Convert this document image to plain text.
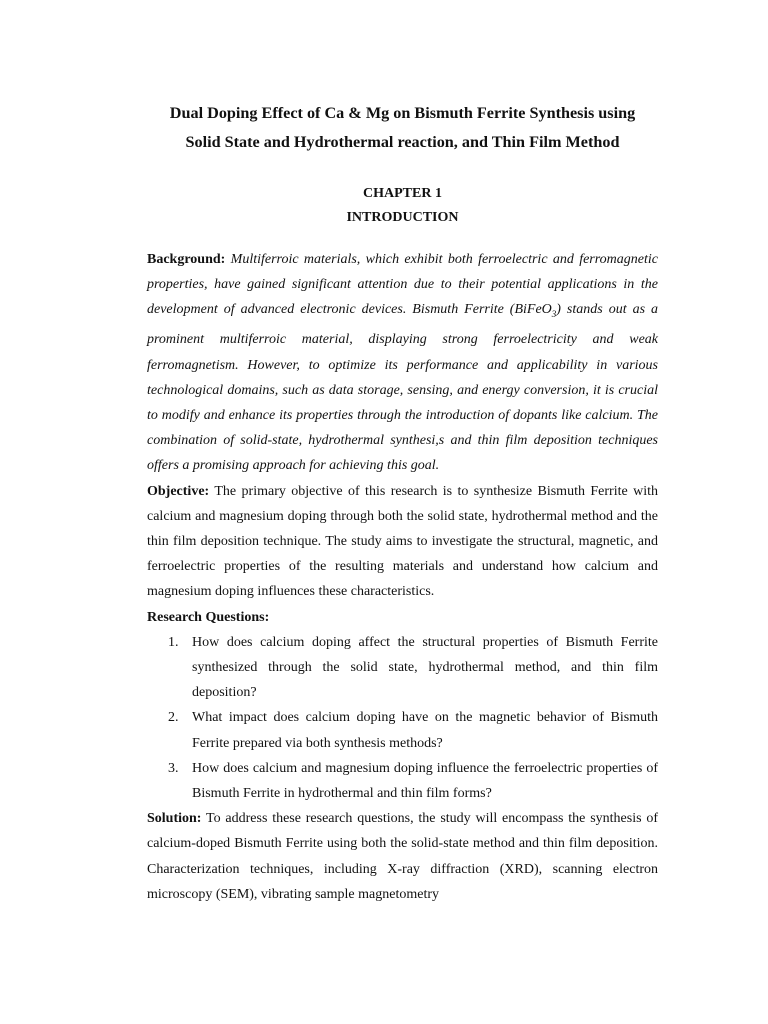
Dual Doping Effect of Ca & Mg on Bismuth Ferrite Synthesis using
Solid State and Hydrothermal reaction, and Thin Film Method

CHAPTER 1

INTRODUCTION

Background: Multiferroic materials, which exhibit both ferroelectric and ferromagnetic properties, have gained significant attention due to their potential applications in the development of advanced electronic devices. Bismuth Ferrite (BiFeO$_3$) stands out as a prominent multiferroic material, displaying strong ferroelectricity and weak ferromagnetism. However, to optimize its performance and applicability in various technological domains, such as data storage, sensing, and energy conversion, it is crucial to modify and enhance its properties through the introduction of dopants like calcium. The combination of solid-state, hydrothermal synthesi,s and thin film deposition techniques offers a promising approach for achieving this goal.

Objective: The primary objective of this research is to synthesize Bismuth Ferrite with calcium and magnesium doping through both the solid state, hydrothermal method and the thin film deposition technique. The study aims to investigate the structural, magnetic, and ferroelectric properties of the resulting materials and understand how calcium and magnesium doping influences these characteristics.

Research Questions:

1. How does calcium doping affect the structural properties of Bismuth Ferrite synthesized through the solid state, hydrothermal method, and thin film deposition?
2. What impact does calcium doping have on the magnetic behavior of Bismuth Ferrite prepared via both synthesis methods?
3. How does calcium and magnesium doping influence the ferroelectric properties of Bismuth Ferrite in hydrothermal and thin film forms?

Solution: To address these research questions, the study will encompass the synthesis of calcium-doped Bismuth Ferrite using both the solid-state method and thin film deposition. Characterization techniques, including X-ray diffraction (XRD), scanning electron microscopy (SEM), vibrating sample magnetometry
